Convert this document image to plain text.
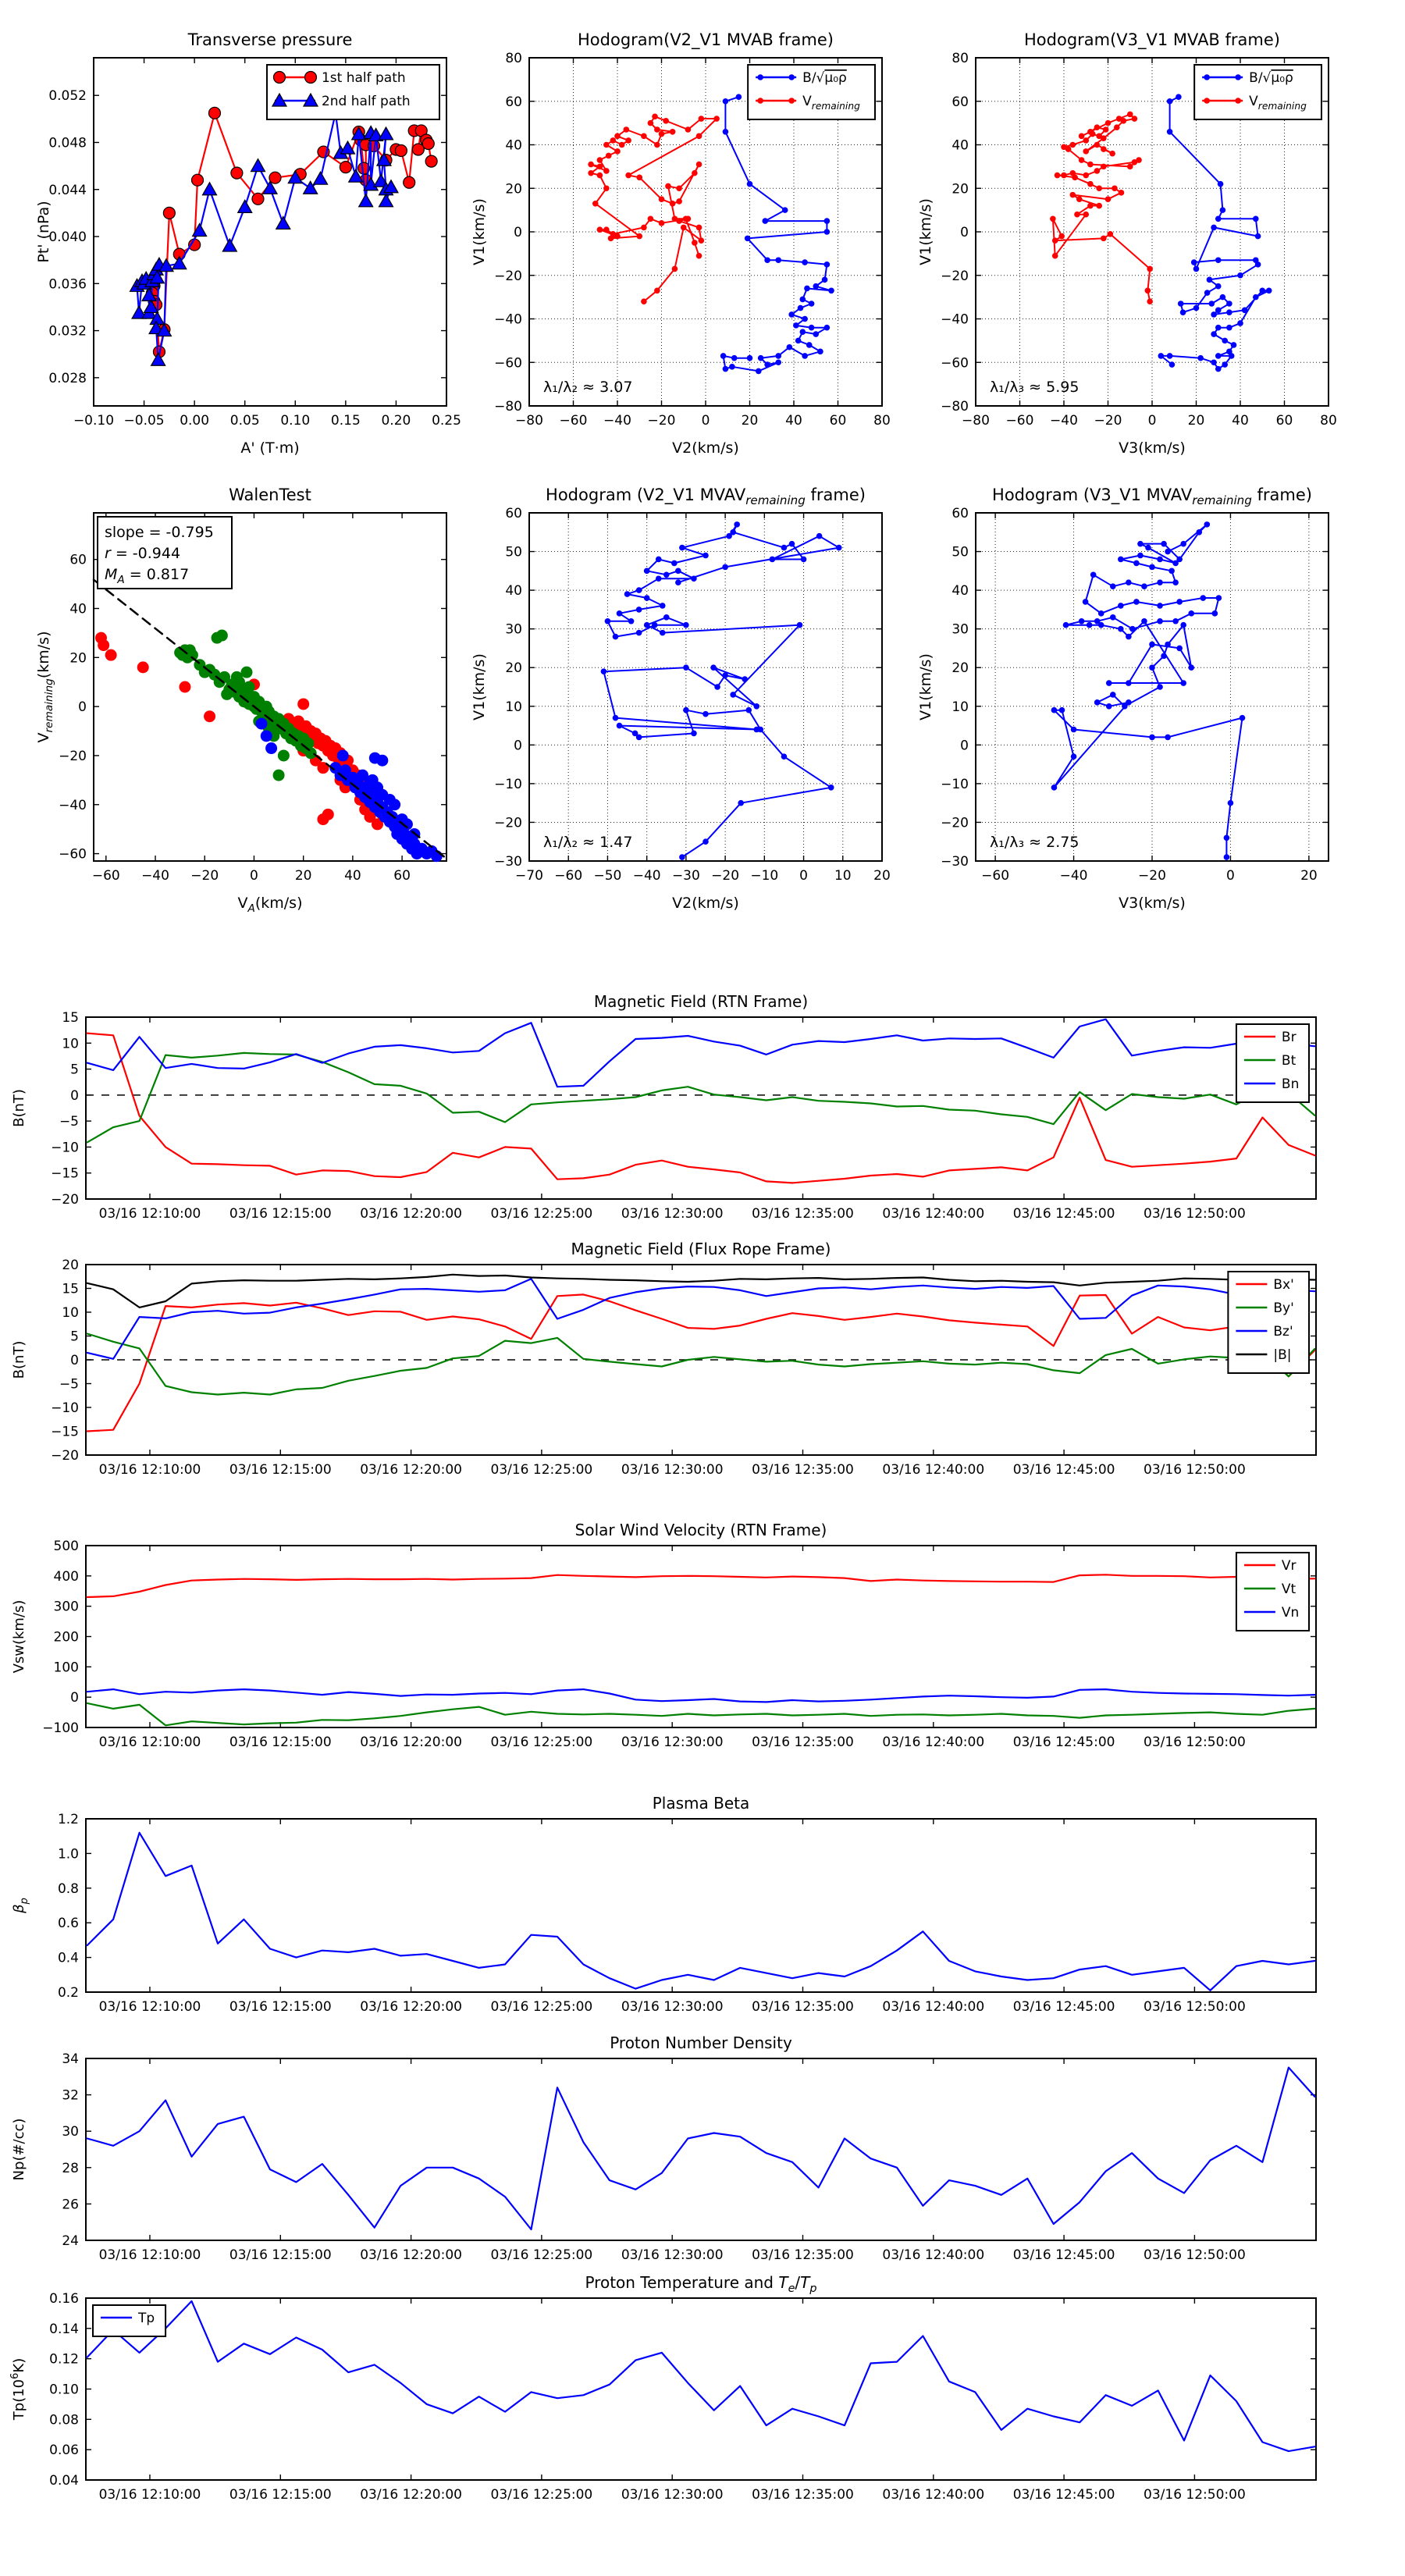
−0.10 −0.05 0.00 0.05 0.10 0.15 0.20 0.25
0.028
0.032
0.036
0.040
0.044
0.048
0.052
Transverse pressure
A' (T·m)
Pt' (nPa)
1st half path
2nd half path
−80 −60 −40 −20 0 20 40 60 80
−80
−60
−40
−20
0
20
40
60
80
Hodogram(V2_V1 MVAB frame)
V2(km/s)
V1(km/s)
λ₁/λ₂ ≈ 3.07
B/√μ₀ρ
$V_{remaining}$
−80 −60 −40 −20 0 20 40 60 80
−80
−60
−40
−20
0
20
40
60
80
Hodogram(V3_V1 MVAB frame)
V3(km/s)
V1(km/s)
λ₁/λ₃ ≈ 5.95
B/√μ₀ρ
$V_{remaining}$
−60 −40 −20 0	20 40 60
−60
−40
−20
0
20
40
60
WalenTest
$V_A(km/s)$
$V_{remaining}(km/s)$
slope = -0.795
r = -0.944
$M_A = 0.817$
−70 −60 −50 −40 −30 −20 −10 0 10 20
−30
−20
−10
0
10
20
30
40
50
60
Hodogram (V2_V1 $MVAV_{remaining}$ frame)
V2(km/s)
V1(km/s)
λ₁/λ₂ ≈ 1.47
−60	−40	−20	0	20
−30
−20
−10
0
10
20
30
40
50
60
Hodogram (V3_V1 $MVAV_{remaining}$ frame)
V3(km/s)
V1(km/s)
λ₁/λ₃ ≈ 2.75
03/16 12:10:00 03/16 12:15:00 03/16 12:20:00 03/16 12:25:00 03/16 12:30:00 03/16 12:35:00 03/16 12:40:00 03/16 12:45:00 03/16 12:50:00
−20
−15
−10
−5
0
5
10
15
Magnetic Field (RTN Frame)
B(nT)
Br
Bt
Bn
03/16 12:10:00 03/16 12:15:00 03/16 12:20:00 03/16 12:25:00 03/16 12:30:00 03/16 12:35:00 03/16 12:40:00 03/16 12:45:00 03/16 12:50:00
−20
−15
−10
−5
0
5
10
15
20
Magnetic Field (Flux Rope Frame)
B(nT)
Bx'
By'
Bz'
|B|
03/16 12:10:00 03/16 12:15:00 03/16 12:20:00 03/16 12:25:00 03/16 12:30:00 03/16 12:35:00 03/16 12:40:00 03/16 12:45:00 03/16 12:50:00
−100
0
100
200
300
400
500
Solar Wind Velocity (RTN Frame)
Vsw(km/s)
Vr
Vt
Vn
03/16 12:10:00 03/16 12:15:00 03/16 12:20:00 03/16 12:25:00 03/16 12:30:00 03/16 12:35:00 03/16 12:40:00 03/16 12:45:00 03/16 12:50:00
0.2
0.4
0.6
0.8
1.0
1.2
Plasma Beta
$\beta_p$
03/16 12:10:00 03/16 12:15:00 03/16 12:20:00 03/16 12:25:00 03/16 12:30:00 03/16 12:35:00 03/16 12:40:00 03/16 12:45:00 03/16 12:50:00
24
26
28
30
32
34
Proton Number Density
Np(#/cc)
03/16 12:10:00 03/16 12:15:00 03/16 12:20:00 03/16 12:25:00 03/16 12:30:00 03/16 12:35:00 03/16 12:40:00 03/16 12:45:00 03/16 12:50:00
0.04
0.06
0.08
0.10
0.12
0.14
0.16
Proton Temperature and $T_e/T_p$
$Tp(10^6K)$
Tp
